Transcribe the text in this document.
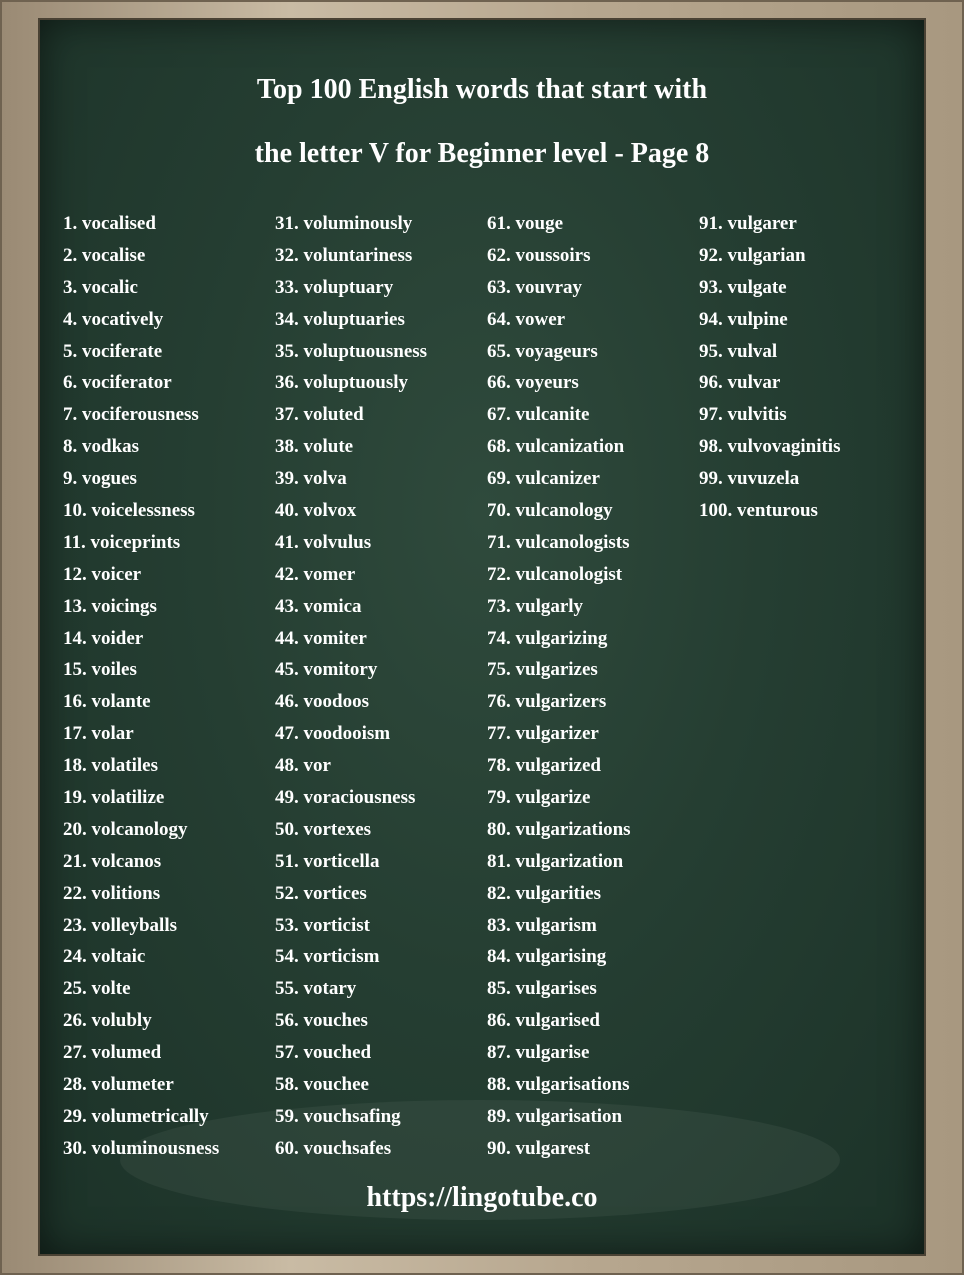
Top 100 English words that start with
the letter V for Beginner level - Page 8
1. vocalised
2. vocalise
3. vocalic
4. vocatively
5. vociferate
6. vociferator
7. vociferousness
8. vodkas
9. vogues
10. voicelessness
11. voiceprints
12. voicer
13. voicings
14. voider
15. voiles
16. volante
17. volar
18. volatiles
19. volatilize
20. volcanology
21. volcanos
22. volitions
23. volleyballs
24. voltaic
25. volte
26. volubly
27. volumed
28. volumeter
29. volumetrically
30. voluminousness
31. voluminously
32. voluntariness
33. voluptuary
34. voluptuaries
35. voluptuousness
36. voluptuously
37. voluted
38. volute
39. volva
40. volvox
41. volvulus
42. vomer
43. vomica
44. vomiter
45. vomitory
46. voodoos
47. voodooism
48. vor
49. voraciousness
50. vortexes
51. vorticella
52. vortices
53. vorticist
54. vorticism
55. votary
56. vouches
57. vouched
58. vouchee
59. vouchsafing
60. vouchsafes
61. vouge
62. voussoirs
63. vouvray
64. vower
65. voyageurs
66. voyeurs
67. vulcanite
68. vulcanization
69. vulcanizer
70. vulcanology
71. vulcanologists
72. vulcanologist
73. vulgarly
74. vulgarizing
75. vulgarizes
76. vulgarizers
77. vulgarizer
78. vulgarized
79. vulgarize
80. vulgarizations
81. vulgarization
82. vulgarities
83. vulgarism
84. vulgarising
85. vulgarises
86. vulgarised
87. vulgarise
88. vulgarisations
89. vulgarisation
90. vulgarest
91. vulgarer
92. vulgarian
93. vulgate
94. vulpine
95. vulval
96. vulvar
97. vulvitis
98. vulvovaginitis
99. vuvuzela
100. venturous

https://lingotube.co
